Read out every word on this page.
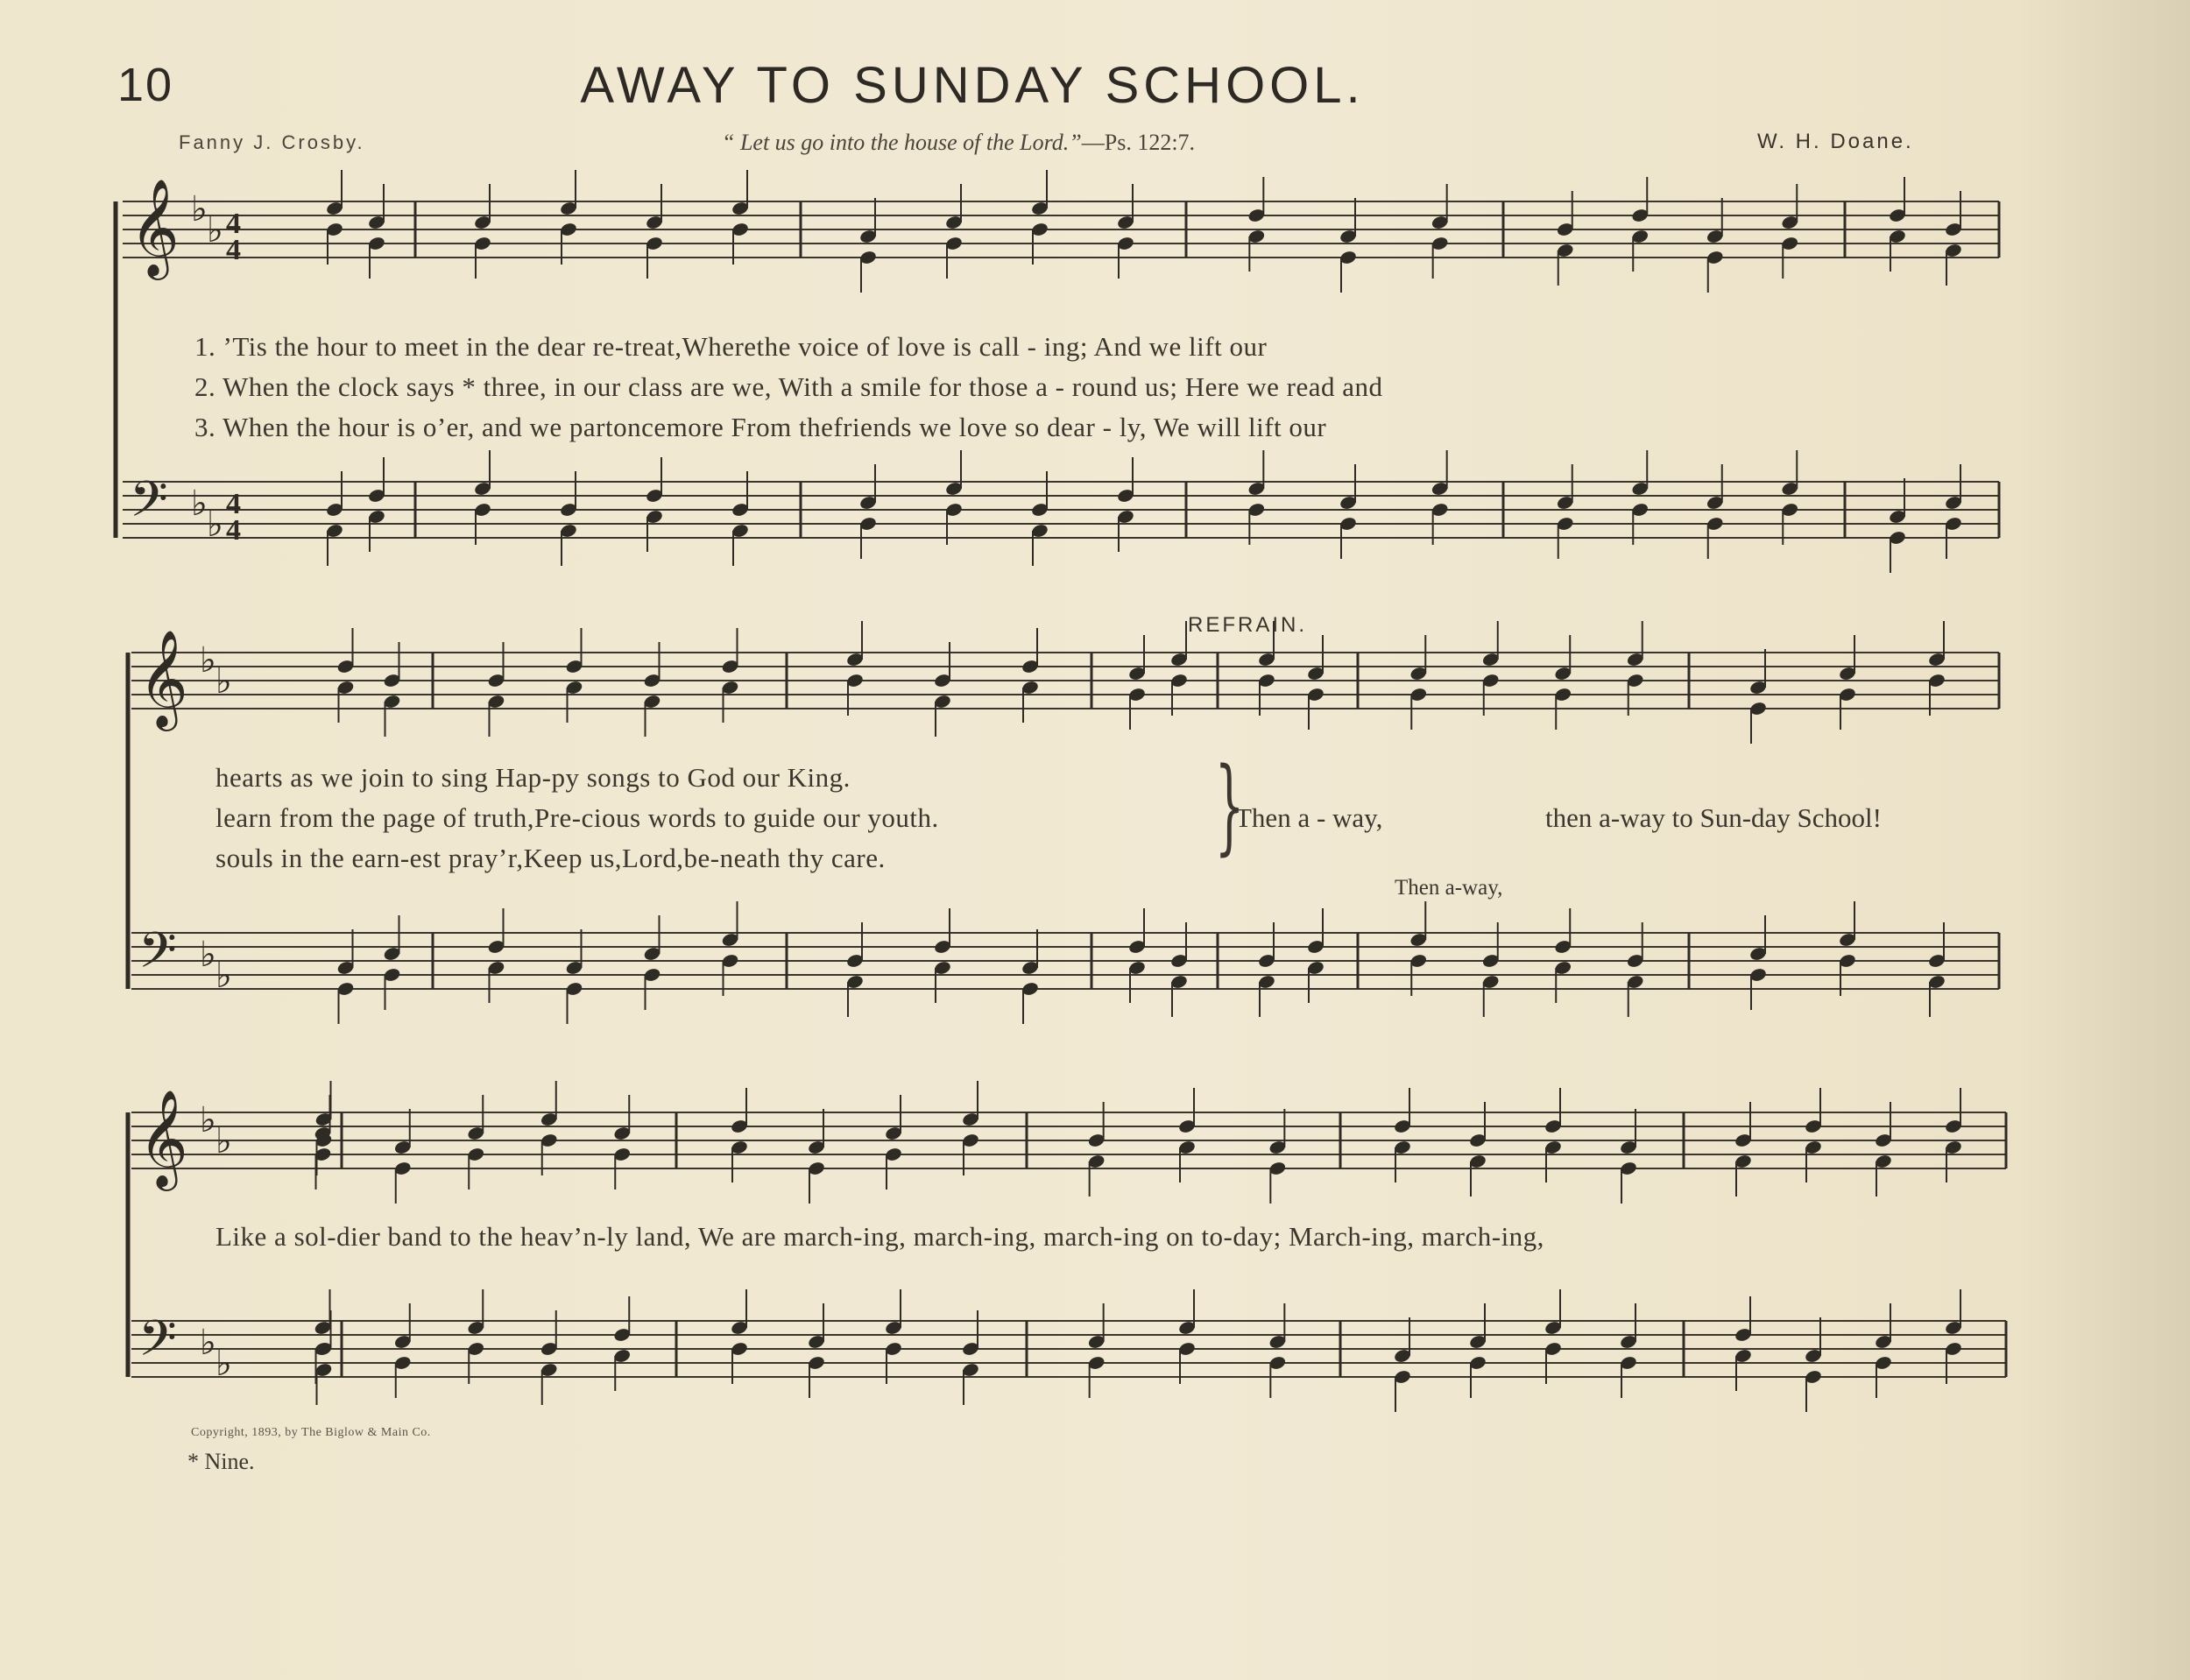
10	AWAY TO SUNDAY SCHOOL.
Fanny J. Crosby.	“ Let us go into the house of the Lord.”—Ps. 122:7.	W. H. Doane.
𝄞 ♭
♭ 4
4
𝄢 ♭
♭
4
4
𝄞 ♭
♭
𝄢 ♭
♭
𝄞 ♭
♭
𝄢 ♭
♭
1. ’Tis the hour to meet in the dear re-treat,Wherethe voice of love is call - ing; And we lift our
2. When the clock says * three, in our class are we, With a smile for those a - round us; Here we read and
3. When the hour is o’er, and we partoncemore From thefriends we love so dear - ly, We will lift our
REFRAIN.
hearts as we join to sing Hap-py songs to God our King.
learn from the page of truth,Pre-cious words to guide our youth.
souls in the earn-est pray’r,Keep us,Lord,be-neath thy care.	}
Then a - way,	then a-way to Sun-day School!
Then a-way,
Like a sol-dier band to the heav’n-ly land, We are march-ing, march-ing, march-ing on to-day; March-ing, march-ing,
Copyright, 1893, by The Biglow & Main Co.
* Nine.
